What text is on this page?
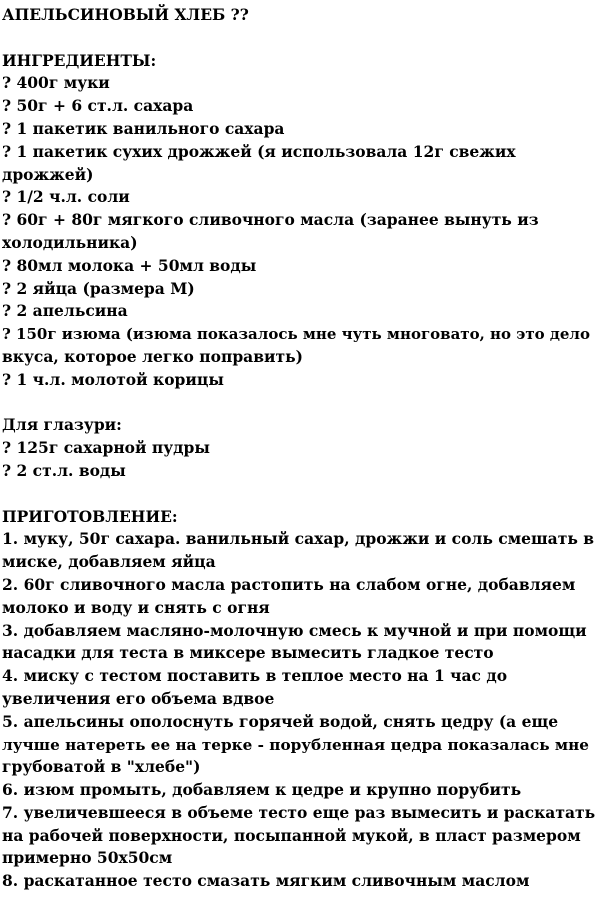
АПЕЛЬСИНОВЫЙ ХЛЕБ ??
ИНГРЕДИЕНТЫ:
? 400г муки
? 50г + 6 ст.л. сахара
? 1 пакетик ванильного сахара
? 1 пакетик сухих дрожжей (я использовала 12г свежих
дрожжей)
? 1/2 ч.л. соли
? 60г + 80г мягкого сливочного масла (заранее вынуть из
холодильника)
? 80мл молока + 50мл воды
? 2 яйца (размера M)
? 2 апельсина
? 150г изюма (изюма показалось мне чуть многовато, но это дело
вкуса, которое легко поправить)
? 1 ч.л. молотой корицы
Для глазури:
? 125г сахарной пудры
? 2 ст.л. воды
ПРИГОТОВЛЕНИЕ:
1. муку, 50г сахара. ванильный сахар, дрожжи и соль смешать в
миске, добавляем яйца
2. 60г сливочного масла растопить на слабом огне, добавляем
молоко и воду и снять с огня
3. добавляем масляно-молочную смесь к мучной и при помощи
насадки для теста в миксере вымесить гладкое тесто
4. миску с тестом поставить в теплое место на 1 час до
увеличения его объема вдвое
5. апельсины ополоснуть горячей водой, снять цедру (а еще
лучше натереть ее на терке - порубленная цедра показалась мне
грубоватой в "хлебе")
6. изюм промыть, добавляем к цедре и крупно порубить
7. увеличевшееся в объеме тесто еще раз вымесить и раскатать
на рабочей поверхности, посыпанной мукой, в пласт размером
примерно 50х50см
8. раскатанное тесто смазать мягким сливочным маслом
